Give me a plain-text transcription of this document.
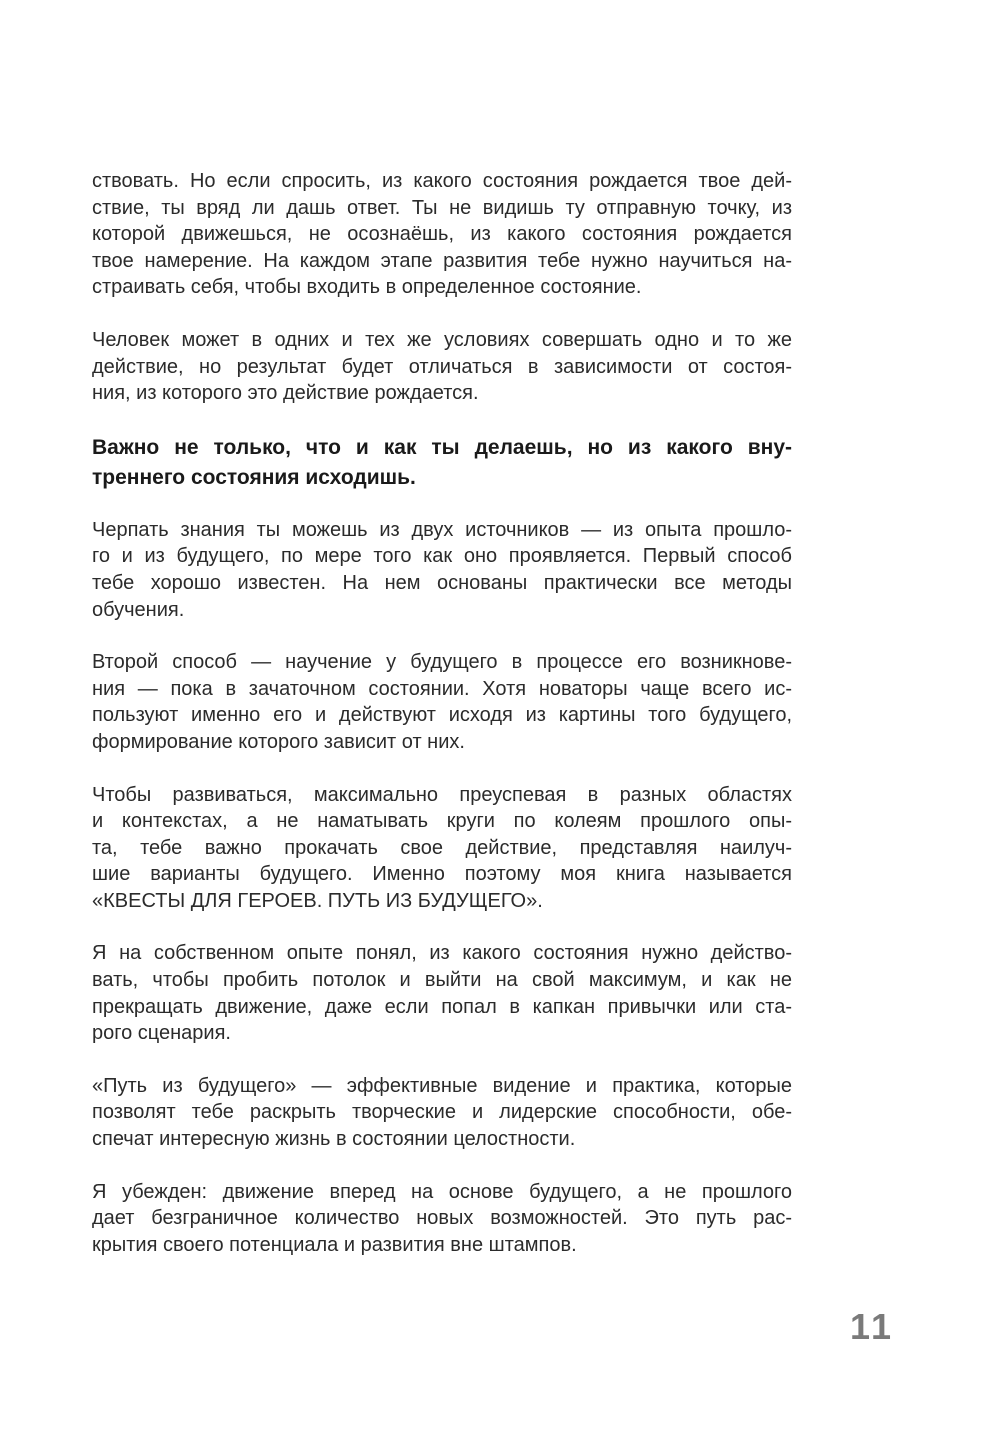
ствовать. Но если спросить, из какого состояния рождается твое дей-
ствие, ты вряд ли дашь ответ. Ты не видишь ту отправную точку, из
которой движешься, не осознаёшь, из какого состояния рождается
твое намерение. На каждом этапе развития тебе нужно научиться на-
страивать себя, чтобы входить в определенное состояние.

Человек может в одних и тех же условиях совершать одно и то же
действие, но результат будет отличаться в зависимости от состоя-
ния, из которого это действие рождается.

Важно не только, что и как ты делаешь, но из какого вну-
треннего состояния исходишь.

Черпать знания ты можешь из двух источников — из опыта прошло-
го и из будущего, по мере того как оно проявляется. Первый способ
тебе хорошо известен. На нем основаны практически все методы
обучения.

Второй способ — научение у будущего в процессе его возникнове-
ния — пока в зачаточном состоянии. Хотя новаторы чаще всего ис-
пользуют именно его и действуют исходя из картины того будущего,
формирование которого зависит от них.

Чтобы развиваться, максимально преуспевая в разных областях
и контекстах, а не наматывать круги по колеям прошлого опы-
та, тебе важно прокачать свое действие, представляя наилуч-
шие варианты будущего. Именно поэтому моя книга называется
«КВЕСТЫ ДЛЯ ГЕРОЕВ. ПУТЬ ИЗ БУДУЩЕГО».

Я на собственном опыте понял, из какого состояния нужно действо-
вать, чтобы пробить потолок и выйти на свой максимум, и как не
прекращать движение, даже если попал в капкан привычки или ста-
рого сценария.

«Путь из будущего» — эффективные видение и практика, которые
позволят тебе раскрыть творческие и лидерские способности, обе-
спечат интересную жизнь в состоянии целостности.

Я убежден: движение вперед на основе будущего, а не прошлого
дает безграничное количество новых возможностей. Это путь рас-
крытия своего потенциала и развития вне штампов.

11
